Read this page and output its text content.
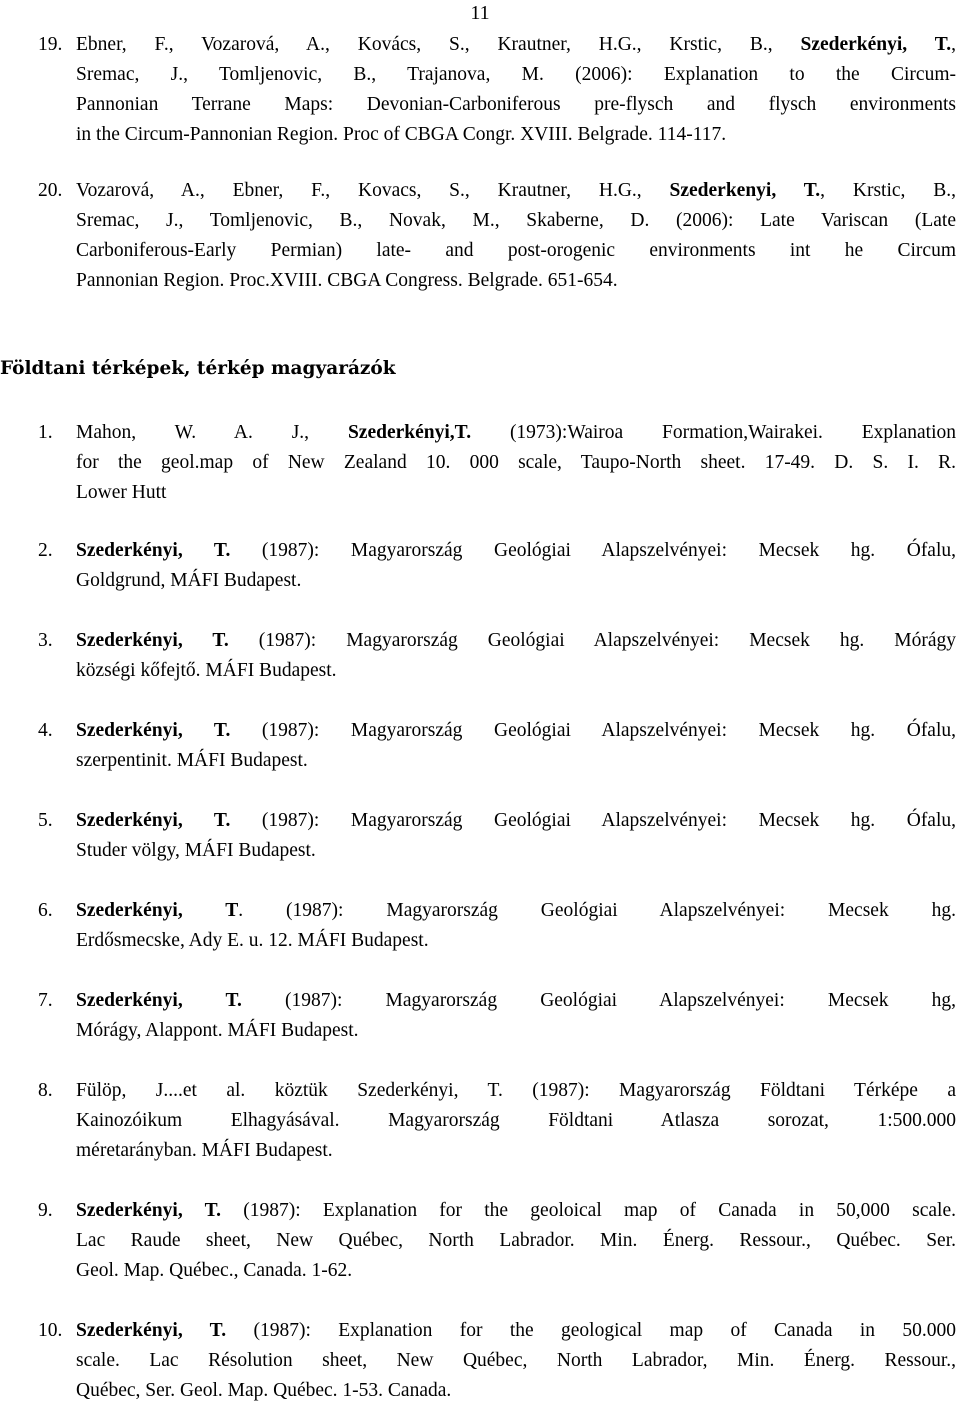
11
19. Ebner, F., Vozarová, A., Kovács, S., Krautner, H.G., Krstic, B., Szederkényi, T.,
Sremac, J., Tomljenovic, B., Trajanova, M. (2006): Explanation to the Circum-
Pannonian Terrane Maps: Devonian-Carboniferous pre-flysch and flysch environments
in the Circum-Pannonian Region. Proc of CBGA Congr. XVIII. Belgrade. 114-117.
20. Vozarová, A., Ebner, F., Kovacs, S., Krautner, H.G., Szederkenyi, T., Krstic, B.,
Sremac, J., Tomljenovic, B., Novak, M., Skaberne, D. (2006): Late Variscan (Late
Carboniferous-Early Permian) late- and post-orogenic environments int he Circum
Pannonian Region. Proc.XVIII. CBGA Congress. Belgrade. 651-654.
Földtani térképek, térkép magyarázók
1.	Mahon, W. A. J., Szederkényi,T. (1973):Wairoa Formation,Wairakei. Explanation
for the geol.map of New Zealand 10. 000 scale, Taupo-North sheet. 17-49. D. S. I. R.
Lower Hutt
2.	Szederkényi, T. (1987): Magyarország Geológiai Alapszelvényei: Mecsek hg. Ófalu,
Goldgrund, MÁFI Budapest.
3.	Szederkényi, T. (1987): Magyarország Geológiai Alapszelvényei: Mecsek hg. Mórágy
községi kőfejtő. MÁFI Budapest.
4.	Szederkényi, T. (1987): Magyarország Geológiai Alapszelvényei: Mecsek hg. Ófalu,
szerpentinit. MÁFI Budapest.
5.	Szederkényi, T. (1987): Magyarország Geológiai Alapszelvényei: Mecsek hg. Ófalu,
Studer völgy, MÁFI Budapest.
6.	Szederkényi, T. (1987): Magyarország Geológiai Alapszelvényei: Mecsek hg.
Erdősmecske, Ady E. u. 12. MÁFI Budapest.
7.	Szederkényi, T. (1987): Magyarország Geológiai Alapszelvényei: Mecsek hg,
Mórágy, Alappont. MÁFI Budapest.
8.	Fülöp, J....et al. köztük Szederkényi, T. (1987): Magyarország Földtani Térképe a
Kainozóikum Elhagyásával. Magyarország Földtani Atlasza sorozat, 1:500.000
méretarányban. MÁFI Budapest.
9.	Szederkényi, T. (1987): Explanation for the geoloical map of Canada in 50,000 scale.
Lac Raude sheet, New Québec, North Labrador. Min. Énerg. Ressour., Québec. Ser.
Geol. Map. Québec., Canada. 1-62.
10. Szederkényi, T. (1987): Explanation for the geological map of Canada in 50.000
scale. Lac Résolution sheet, New Québec, North Labrador, Min. Énerg. Ressour.,
Québec, Ser. Geol. Map. Québec. 1-53. Canada.
